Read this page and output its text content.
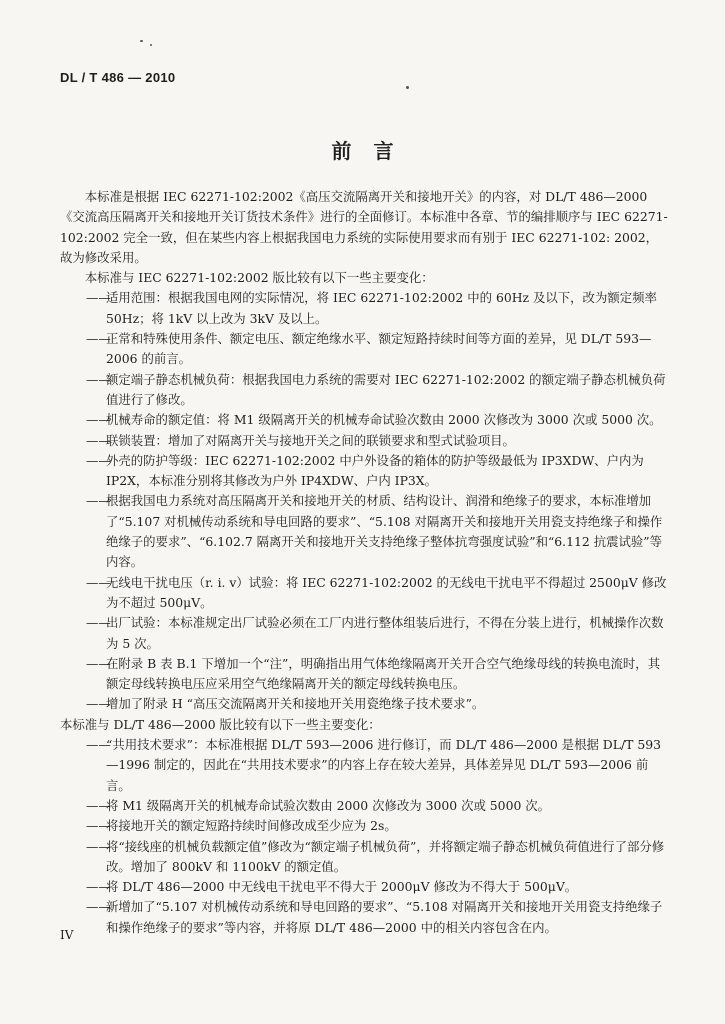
DL / T 486 — 2010
前言

本标准是根据 IEC 62271-102:2002《高压交流隔离开关和接地开关》的内容，对 DL/T 486—2000《交流高压隔离开关和接地开关订货技术条件》进行的全面修订。本标准中各章、节的编排顺序与 IEC 62271-102:2002 完全一致，但在某些内容上根据我国电力系统的实际使用要求而有别于 IEC 62271-102: 2002，故为修改采用。

本标准与 IEC 62271-102:2002 版比较有以下一些主要变化：

——适用范围：根据我国电网的实际情况，将 IEC 62271-102:2002 中的 60Hz 及以下，改为额定频率 50Hz；将 1kV 以上改为 3kV 及以上。

——正常和特殊使用条件、额定电压、额定绝缘水平、额定短路持续时间等方面的差异，见 DL/T 593—2006 的前言。

——额定端子静态机械负荷：根据我国电力系统的需要对 IEC 62271-102:2002 的额定端子静态机械负荷值进行了修改。

——机械寿命的额定值：将 M1 级隔离开关的机械寿命试验次数由 2000 次修改为 3000 次或 5000 次。

——联锁装置：增加了对隔离开关与接地开关之间的联锁要求和型式试验项目。

——外壳的防护等级：IEC 62271-102:2002 中户外设备的箱体的防护等级最低为 IP3XDW、户内为 IP2X，本标准分别将其修改为户外 IP4XDW、户内 IP3X。

——根据我国电力系统对高压隔离开关和接地开关的材质、结构设计、润滑和绝缘子的要求，本标准增加了“5.107 对机械传动系统和导电回路的要求”、“5.108 对隔离开关和接地开关用瓷支持绝缘子和操作绝缘子的要求”、“6.102.7 隔离开关和接地开关支持绝缘子整体抗弯强度试验”和“6.112 抗震试验”等内容。

——无线电干扰电压（r. i. v）试验：将 IEC 62271-102:2002 的无线电干扰电平不得超过 2500μV 修改为不超过 500μV。

——出厂试验：本标准规定出厂试验必须在工厂内进行整体组装后进行，不得在分装上进行，机械操作次数为 5 次。

——在附录 B 表 B.1 下增加一个“注”，明确指出用气体绝缘隔离开关开合空气绝缘母线的转换电流时，其额定母线转换电压应采用空气绝缘隔离开关的额定母线转换电压。

——增加了附录 H “高压交流隔离开关和接地开关用瓷绝缘子技术要求”。

本标准与 DL/T 486—2000 版比较有以下一些主要变化：

——“共用技术要求”：本标准根据 DL/T 593—2006 进行修订，而 DL/T 486—2000 是根据 DL/T 593—1996 制定的，因此在“共用技术要求”的内容上存在较大差异，具体差异见 DL/T 593—2006 前言。

——将 M1 级隔离开关的机械寿命试验次数由 2000 次修改为 3000 次或 5000 次。

——将接地开关的额定短路持续时间修改成至少应为 2s。

——将“接线座的机械负载额定值”修改为“额定端子机械负荷”，并将额定端子静态机械负荷值进行了部分修改。增加了 800kV 和 1100kV 的额定值。

——将 DL/T 486—2000 中无线电干扰电平不得大于 2000μV 修改为不得大于 500μV。

——新增加了“5.107 对机械传动系统和导电回路的要求”、“5.108 对隔离开关和接地开关用瓷支持绝缘子和操作绝缘子的要求”等内容，并将原 DL/T 486—2000 中的相关内容包含在内。

IV
